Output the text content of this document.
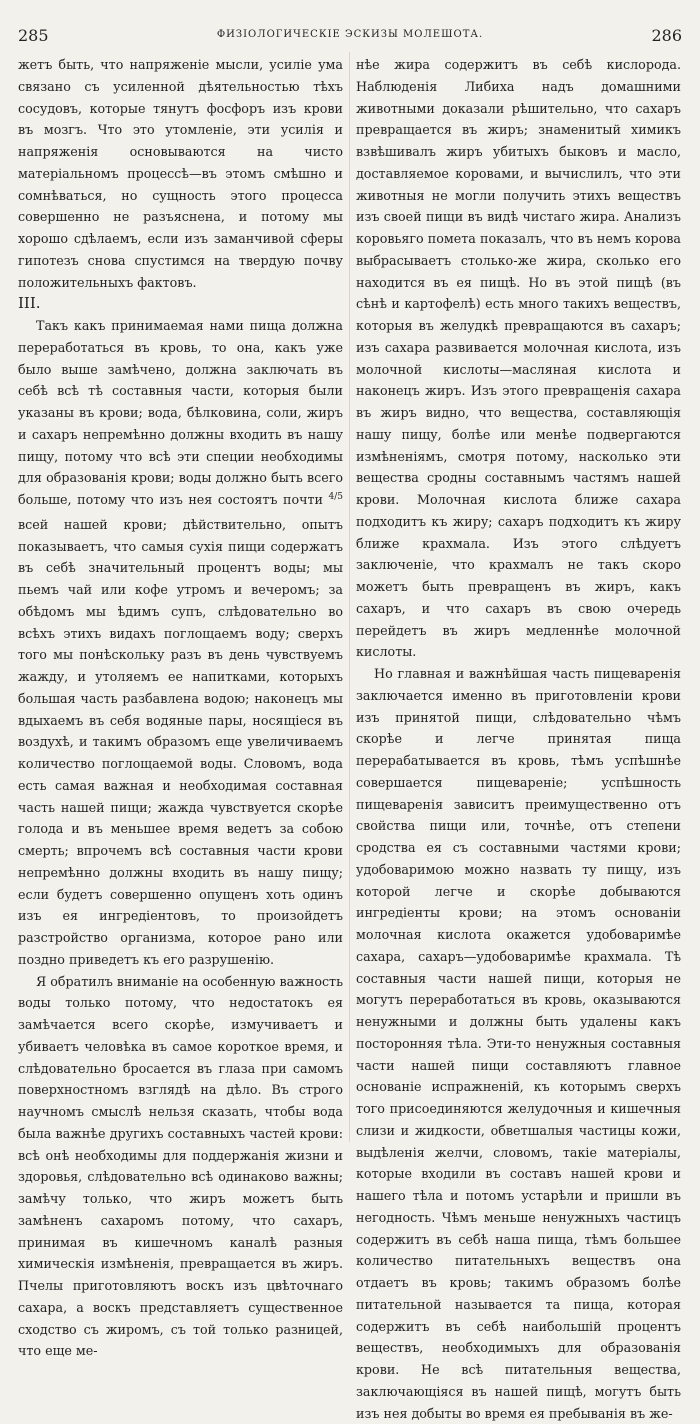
285	ФИЗІОЛОГИЧЕСКІЕ ЭСКИЗЫ МОЛЕШОТА.	286

жетъ быть, что напряженіе мысли, усиліе ума связано съ усиленной дѣятельностью тѣхъ сосудовъ, которые тянутъ фосфоръ изъ крови въ мозгъ. Что это утомленіе, эти усилія и напряженія основываются на чисто матеріальномъ процессѣ—въ этомъ смѣшно и сомнѣваться, но сущность этого процесса совершенно не разъяснена, и потому мы хорошо сдѣлаемъ, если изъ заманчивой сферы гипотезъ снова спустимся на твердую почву положительныхъ фактовъ.

III.

Такъ какъ принимаемая нами пища должна переработаться въ кровь, то она, какъ уже было выше замѣчено, должна заключать въ себѣ всѣ тѣ составныя части, которыя были указаны въ крови; вода, бѣлковина, соли, жиръ и сахаръ непремѣнно должны входить въ нашу пищу, потому что всѣ эти специи необходимы для образованія крови; воды должно быть всего больше, потому что изъ нея состоятъ почти $^{4/5}$ всей нашей крови; дѣйствительно, опытъ показываетъ, что самыя сухія пищи содержатъ въ себѣ значительный процентъ воды; мы пьемъ чай или кофе утромъ и вечеромъ; за обѣдомъ мы ѣдимъ супъ, слѣдовательно во всѣхъ этихъ видахъ поглощаемъ воду; сверхъ того мы понѣскольку разъ въ день чувствуемъ жажду, и утоляемъ ее напитками, которыхъ большая часть разбавлена водою; наконецъ мы вдыхаемъ въ себя водяные пары, носящіеся въ воздухѣ, и такимъ образомъ еще увеличиваемъ количество поглощаемой воды. Словомъ, вода есть самая важная и необходимая составная часть нашей пищи; жажда чувствуется скорѣе голода и въ меньшее время ведетъ за собою смерть; впрочемъ всѣ составныя части крови непремѣнно должны входить въ нашу пищу; если будетъ совершенно опущенъ хоть одинъ изъ ея ингредіентовъ, то произойдетъ разстройство организма, которое рано или поздно приведетъ къ его разрушенію.

Я обратилъ вниманіе на особенную важность воды только потому, что недостатокъ ея замѣчается всего скорѣе, измучиваетъ и убиваетъ человѣка въ самое короткое время, и слѣдовательно бросается въ глаза при самомъ поверхностномъ взглядѣ на дѣло. Въ строго научномъ смыслѣ нельзя сказать, чтобы вода была важнѣе другихъ составныхъ частей крови: всѣ онѣ необходимы для поддержанія жизни и здоровья, слѣдовательно всѣ одинаково важны; замѣчу только, что жиръ можетъ быть замѣненъ сахаромъ потому, что сахаръ, принимая въ кишечномъ каналѣ разныя химическія измѣненія, превращается въ жиръ. Пчелы приготовляютъ воскъ изъ цвѣточнаго сахара, а воскъ представляетъ существенное сходство съ жиромъ, съ той только разницей, что еще ме-

нѣе жира содержитъ въ себѣ кислорода. Наблюденія Либиха надъ домашними животными доказали рѣшительно, что сахаръ превращается въ жиръ; знаменитый химикъ взвѣшивалъ жиръ убитыхъ быковъ и масло, доставляемое коровами, и вычислилъ, что эти животныя не могли получить этихъ веществъ изъ своей пищи въ видѣ чистаго жира. Анализъ коровьяго помета показалъ, что въ немъ корова выбрасываетъ столько-же жира, сколько его находится въ ея пищѣ. Но въ этой пищѣ (въ сѣнѣ и картофелѣ) есть много такихъ веществъ, которыя въ желудкѣ превращаются въ сахаръ; изъ сахара развивается молочная кислота, изъ молочной кислоты—масляная кислота и наконецъ жиръ. Изъ этого превращенія сахара въ жиръ видно, что вещества, составляющія нашу пищу, болѣе или менѣе подвергаются измѣненіямъ, смотря потому, насколько эти вещества сродны составнымъ частямъ нашей крови. Молочная кислота ближе сахара подходитъ къ жиру; сахаръ подходитъ къ жиру ближе крахмала. Изъ этого слѣдуетъ заключеніе, что крахмалъ не такъ скоро можетъ быть превращенъ въ жиръ, какъ сахаръ, и что сахаръ въ свою очередь перейдетъ въ жиръ медленнѣе молочной кислоты.

Но главная и важнѣйшая часть пищеваренія заключается именно въ приготовленіи крови изъ принятой пищи, слѣдовательно чѣмъ скорѣе и легче принятая пища перерабатывается въ кровь, тѣмъ успѣшнѣе совершается пищевареніе; успѣшность пищеваренія зависитъ преимущественно отъ свойства пищи или, точнѣе, отъ степени сродства ея съ составными частями крови; удобоваримою можно назвать ту пищу, изъ которой легче и скорѣе добываются ингредіенты крови; на этомъ основаніи молочная кислота окажется удобоваримѣе сахара, сахаръ—удобоваримѣе крахмала. Тѣ составныя части нашей пищи, которыя не могутъ переработаться въ кровь, оказываются ненужными и должны быть удалены какъ посторонняя тѣла. Эти-то ненужныя составныя части нашей пищи составляютъ главное основаніе испражненій, къ которымъ сверхъ того присоединяются желудочныя и кишечныя слизи и жидкости, обветшалыя частицы кожи, выдѣленія желчи, словомъ, такіе матеріалы, которые входили въ составъ нашей крови и нашего тѣла и потомъ устарѣли и пришли въ негодность. Чѣмъ меньше ненужныхъ частицъ содержитъ въ себѣ наша пища, тѣмъ большее количество питательныхъ веществъ она отдаетъ въ кровь; такимъ образомъ болѣе питательной называется та пища, которая содержитъ въ себѣ наибольшій процентъ веществъ, необходимыхъ для образованія крови. Не всѣ питательныя вещества, заключающіяся въ нашей пищѣ, могутъ быть изъ нея добыты во время ея пребыванія въ же-
